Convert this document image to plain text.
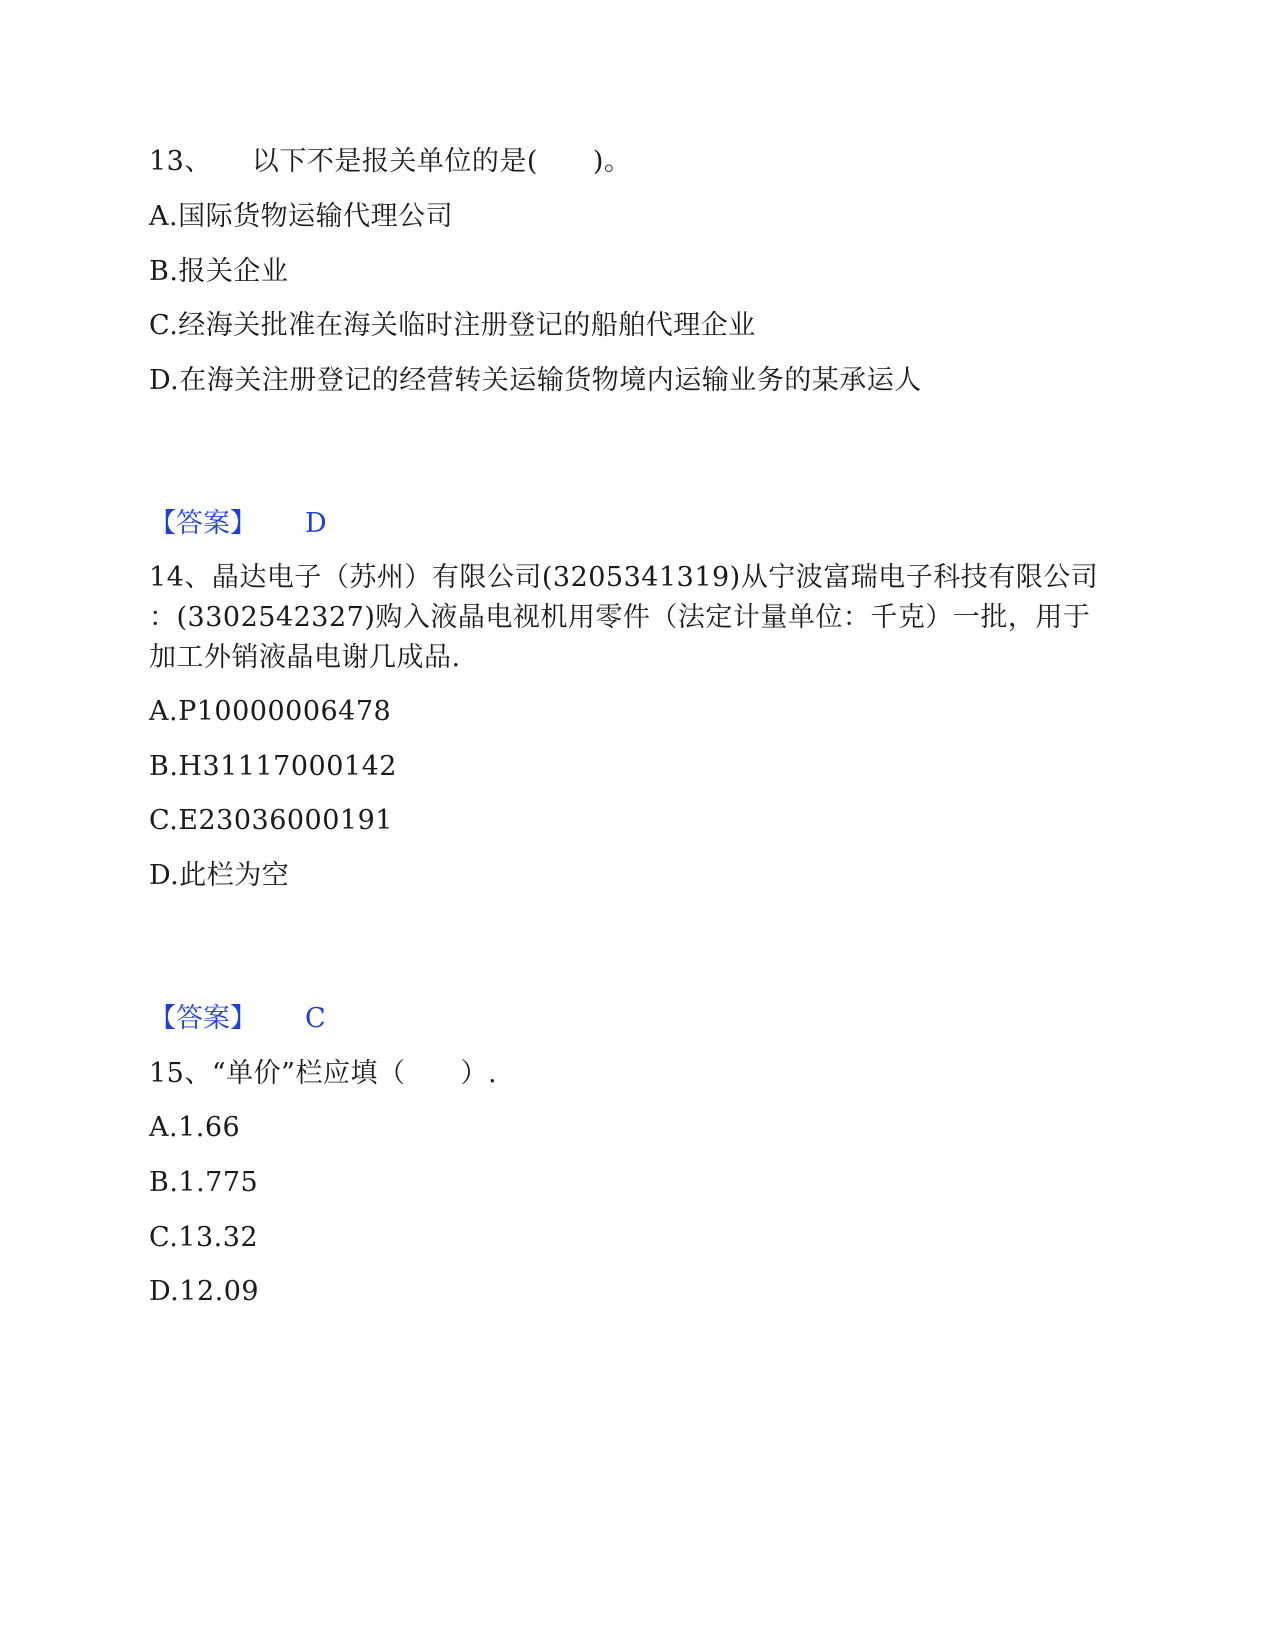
13、 以下不是报关单位的是(　　)。
A.国际货物运输代理公司
B.报关企业
C.经海关批准在海关临时注册登记的船舶代理企业
D.在海关注册登记的经营转关运输货物境内运输业务的某承运人
【答案】 D
14、晶达电子（苏州）有限公司(3205341319)从宁波富瑞电子科技有限公司
：(3302542327)购入液晶电视机用零件（法定计量单位：千克）一批，用于
加工外销液晶电谢几成品.
A.P10000006478
B.H31117000142
C.E23036000191
D.此栏为空
【答案】 C
15、“单价”栏应填（　　）.
A.1.66
B.1.775
C.13.32
D.12.09
